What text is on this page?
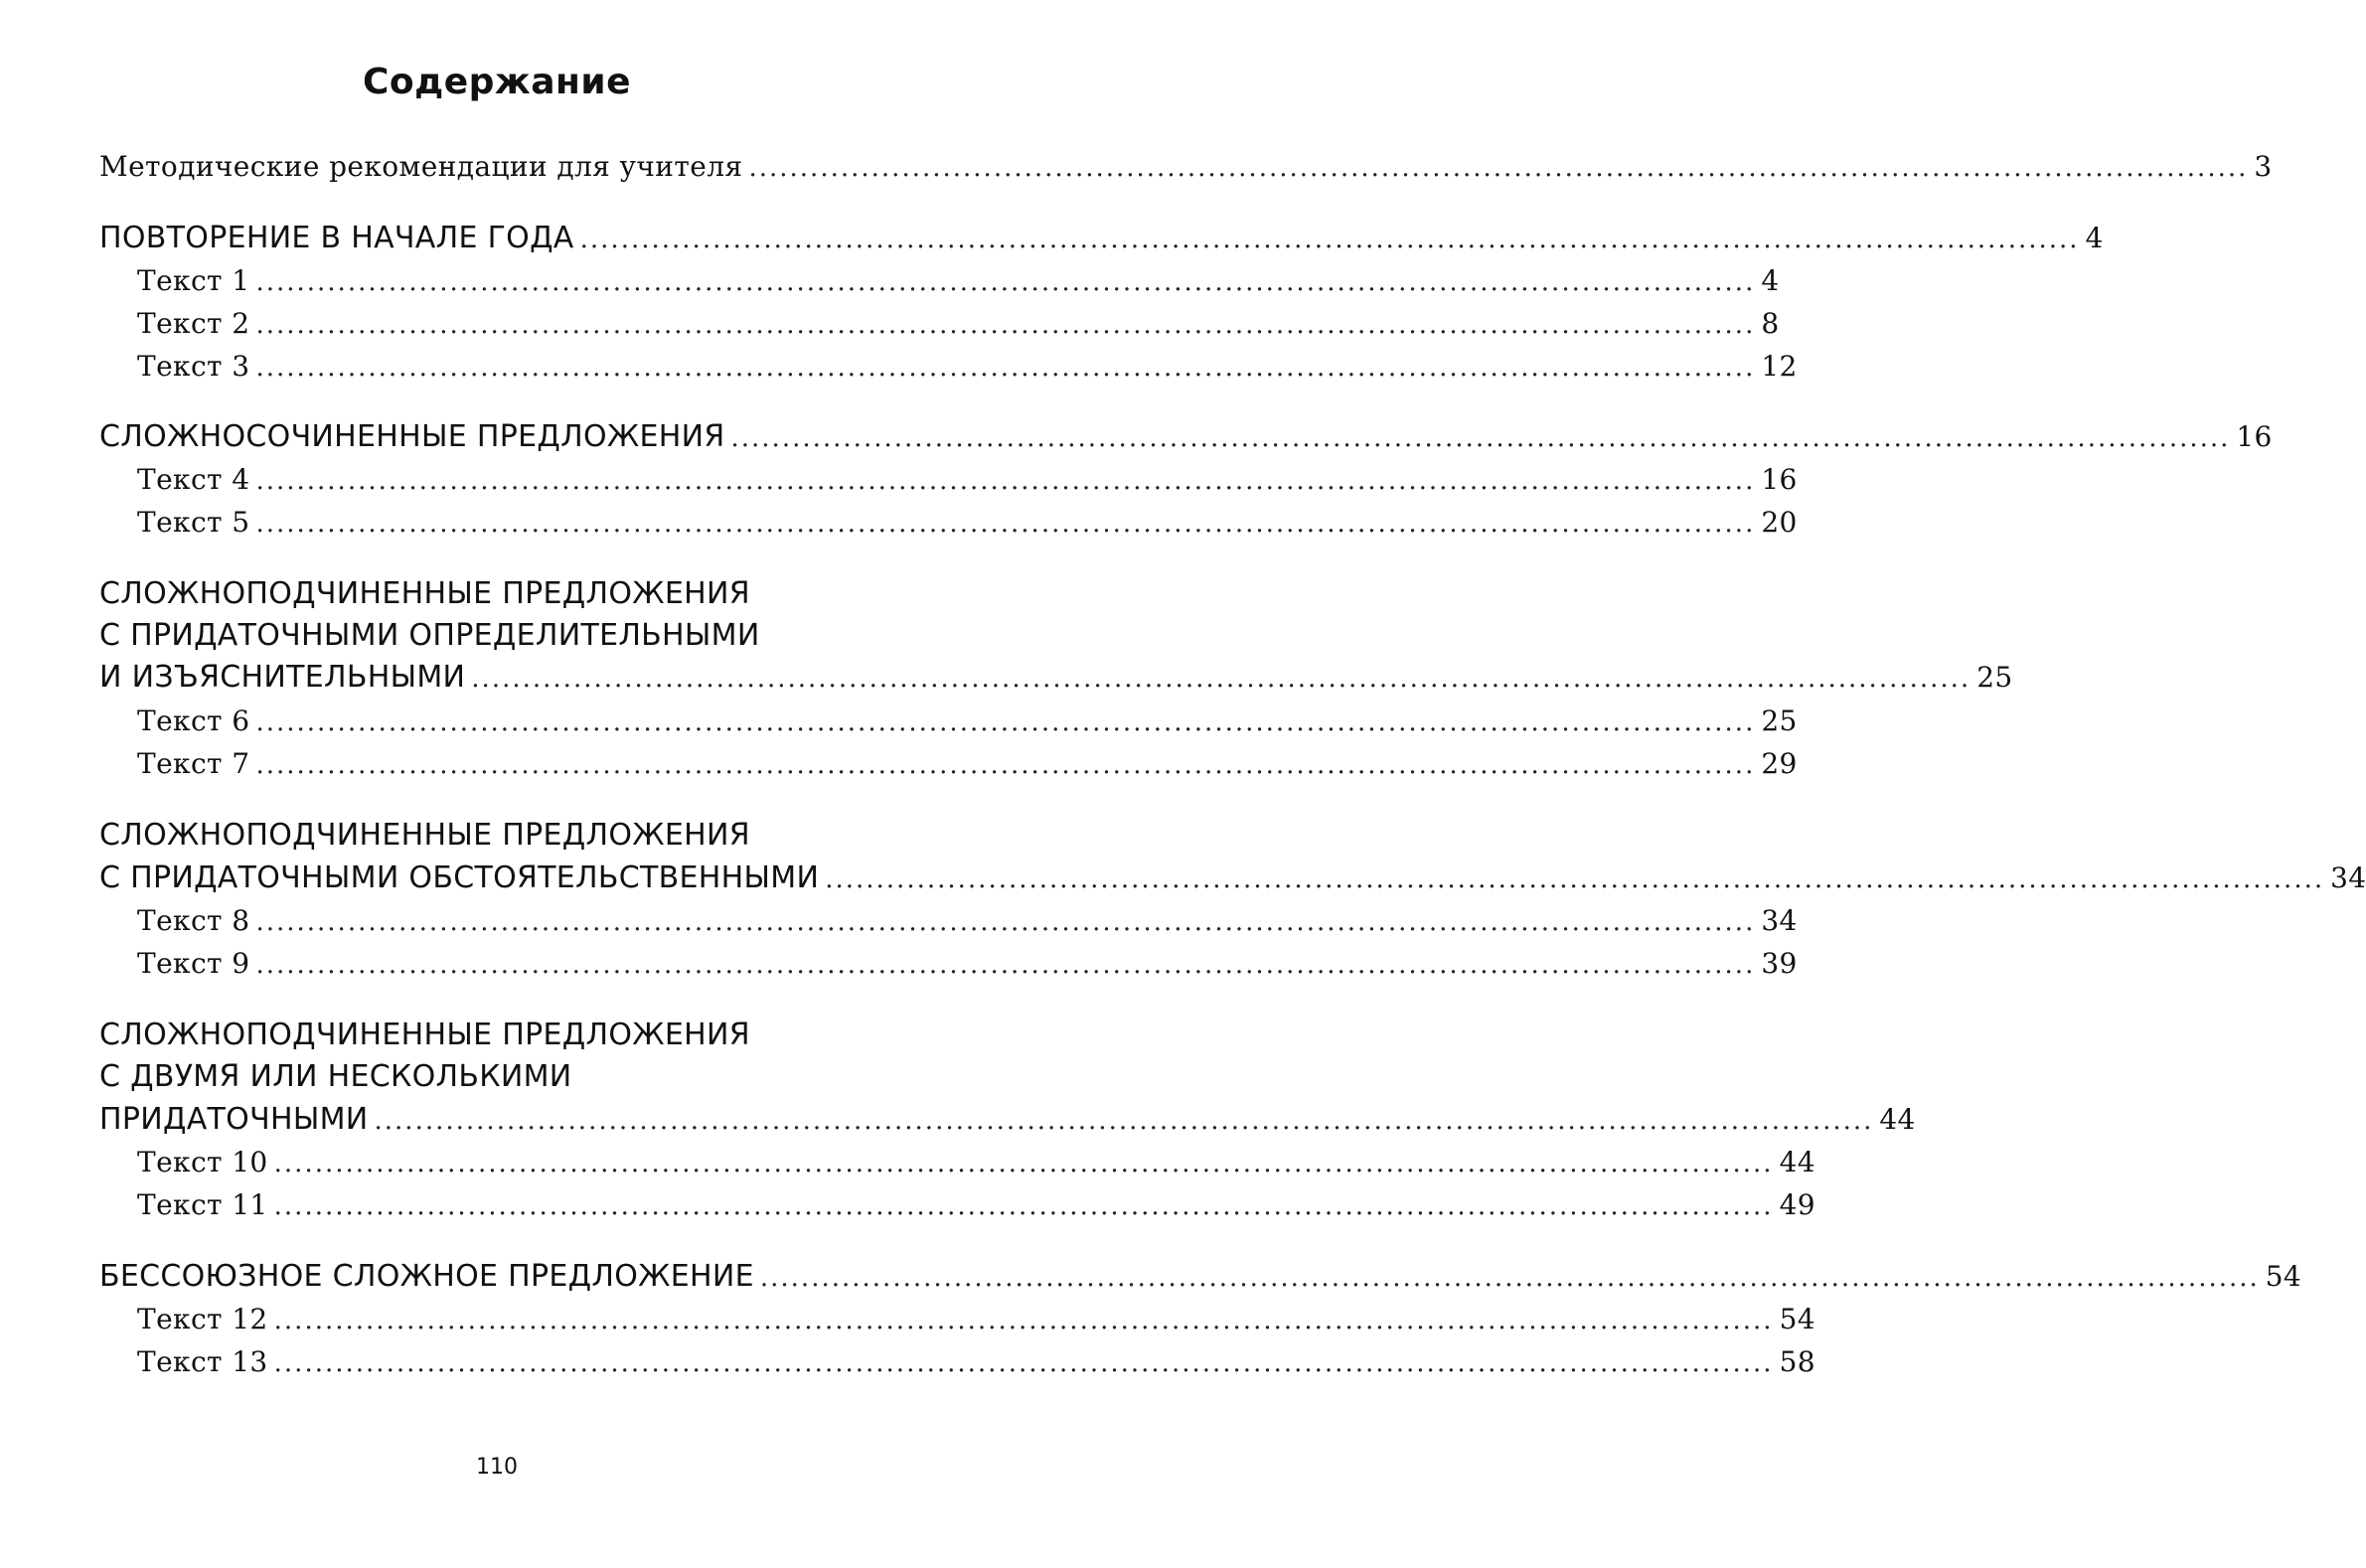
Содержание
Методические рекомендации для учителя ................................................................................................................................................... 3
ПОВТОРЕНИЕ В НАЧАЛЕ ГОДА ................................................................................................................................................... 4
Текст 1 ................................................................................................................................................... 4
Текст 2 ................................................................................................................................................... 8
Текст 3 ................................................................................................................................................... 12
СЛОЖНОСОЧИНЕННЫЕ ПРЕДЛОЖЕНИЯ ................................................................................................................................................... 16
Текст 4 ................................................................................................................................................... 16
Текст 5 ................................................................................................................................................... 20
СЛОЖНОПОДЧИНЕННЫЕ ПРЕДЛОЖЕНИЯ
С ПРИДАТОЧНЫМИ ОПРЕДЕЛИТЕЛЬНЫМИ
И ИЗЪЯСНИТЕЛЬНЫМИ ................................................................................................................................................... 25
Текст 6 ................................................................................................................................................... 25
Текст 7 ................................................................................................................................................... 29
СЛОЖНОПОДЧИНЕННЫЕ ПРЕДЛОЖЕНИЯ
С ПРИДАТОЧНЫМИ ОБСТОЯТЕЛЬСТВЕННЫМИ ................................................................................................................................................... 34
Текст 8 ................................................................................................................................................... 34
Текст 9 ................................................................................................................................................... 39
СЛОЖНОПОДЧИНЕННЫЕ ПРЕДЛОЖЕНИЯ
С ДВУМЯ ИЛИ НЕСКОЛЬКИМИ
ПРИДАТОЧНЫМИ ................................................................................................................................................... 44
Текст 10 ................................................................................................................................................... 44
Текст 11 ................................................................................................................................................... 49
БЕССОЮЗНОЕ СЛОЖНОЕ ПРЕДЛОЖЕНИЕ ................................................................................................................................................... 54
Текст 12 ................................................................................................................................................... 54
Текст 13 ................................................................................................................................................... 58
110
